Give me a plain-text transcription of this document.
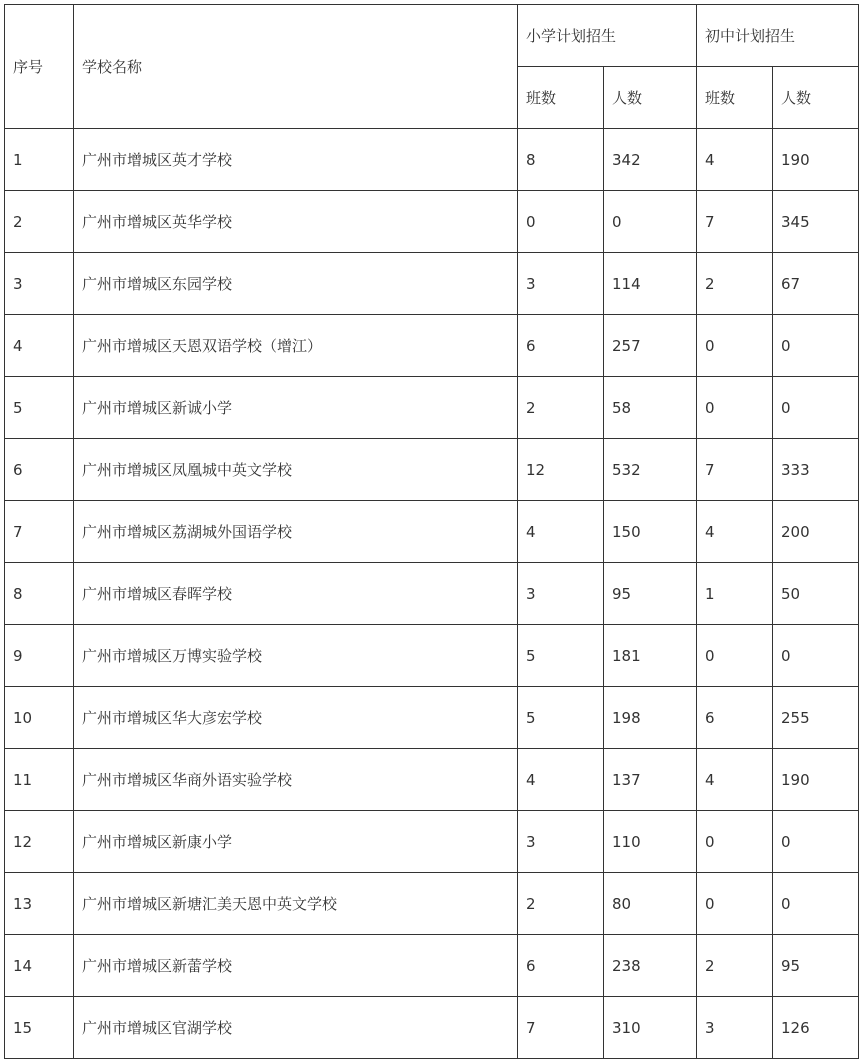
序号	学校名称	小学计划招生		初中计划招生	
		班数	人数	班数	人数
1	广州市增城区英才学校	8	342	4	190
2	广州市增城区英华学校	0	0	7	345
3	广州市增城区东园学校	3	114	2	67
4	广州市增城区天恩双语学校（增江）	6	257	0	0
5	广州市增城区新诚小学	2	58	0	0
6	广州市增城区凤凰城中英文学校	12	532	7	333
7	广州市增城区荔湖城外国语学校	4	150	4	200
8	广州市增城区春晖学校	3	95	1	50
9	广州市增城区万博实验学校	5	181	0	0
10	广州市增城区华大彦宏学校	5	198	6	255
11	广州市增城区华商外语实验学校	4	137	4	190
12	广州市增城区新康小学	3	110	0	0
13	广州市增城区新塘汇美天恩中英文学校	2	80	0	0
14	广州市增城区新蕾学校	6	238	2	95
15	广州市增城区官湖学校	7	310	3	126
